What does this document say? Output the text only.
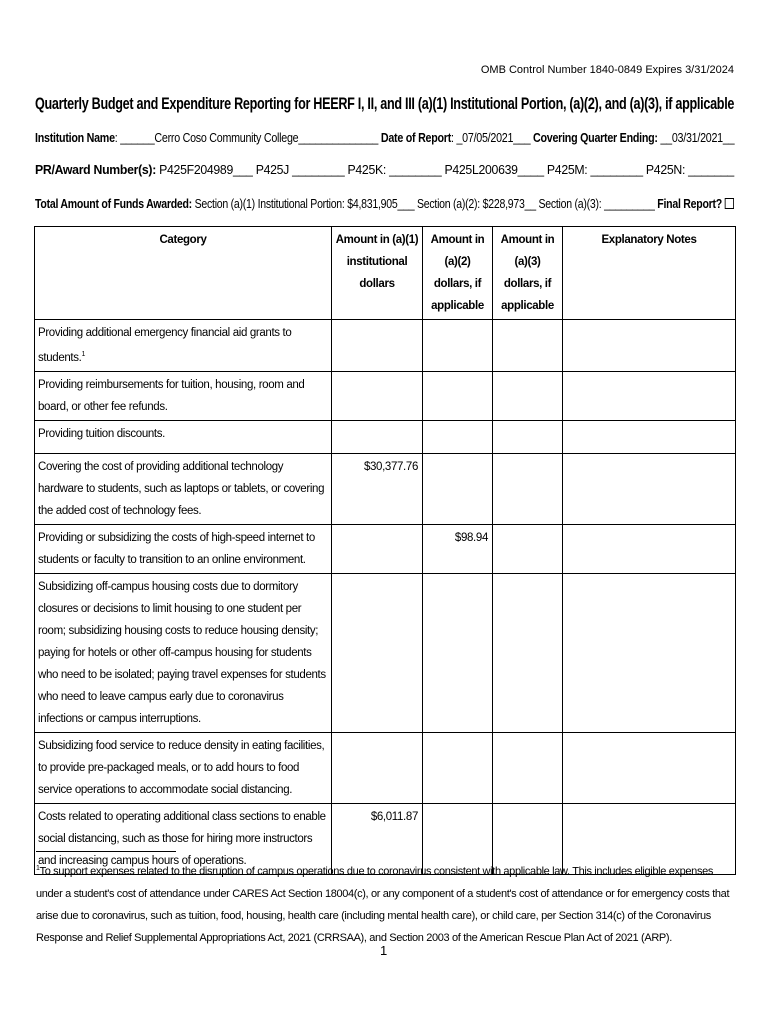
OMB Control Number 1840-0849 Expires 3/31/2024
Quarterly Budget and Expenditure Reporting for HEERF I, II, and III (a)(1) Institutional Portion, (a)(2), and (a)(3), if applicable
Institution Name: ______Cerro Coso Community College______________ Date of Report: _07/05/2021___ Covering Quarter Ending: __03/31/2021__
PR/Award Number(s): P425F204989___ P425J ________ P425K: ________ P425L200639____ P425M: ________ P425N: _______
Total Amount of Funds Awarded: Section (a)(1) Institutional Portion: $4,831,905___ Section (a)(2): $228,973__ Section (a)(3): _________ Final Report?
Category	Amount in (a)(1) institutional dollars	Amount in (a)(2) dollars, if applicable	Amount in (a)(3) dollars, if applicable	Explanatory Notes
Providing additional emergency financial aid grants to students.$^1$				
Providing reimbursements for tuition, housing, room and board, or other fee refunds.				
Providing tuition discounts.				
Covering the cost of providing additional technology hardware to students, such as laptops or tablets, or covering the added cost of technology fees.	$30,377.76			
Providing or subsidizing the costs of high-speed internet to students or faculty to transition to an online environment.		$98.94		
Subsidizing off-campus housing costs due to dormitory closures or decisions to limit housing to one student per room; subsidizing housing costs to reduce housing density; paying for hotels or other off-campus housing for students who need to be isolated; paying travel expenses for students who need to leave campus early due to coronavirus infections or campus interruptions.				
Subsidizing food service to reduce density in eating facilities, to provide pre-packaged meals, or to add hours to food service operations to accommodate social distancing.				
Costs related to operating additional class sections to enable social distancing, such as those for hiring more instructors and increasing campus hours of operations.	$6,011.87			
$^1$To support expenses related to the disruption of campus operations due to coronavirus consistent with applicable law. This includes eligible expenses under a student's cost of attendance under CARES Act Section 18004(c), or any component of a student's cost of attendance or for emergency costs that arise due to coronavirus, such as tuition, food, housing, health care (including mental health care), or child care, per Section 314(c) of the Coronavirus Response and Relief Supplemental Appropriations Act, 2021 (CRRSAA), and Section 2003 of the American Rescue Plan Act of 2021 (ARP).
1
